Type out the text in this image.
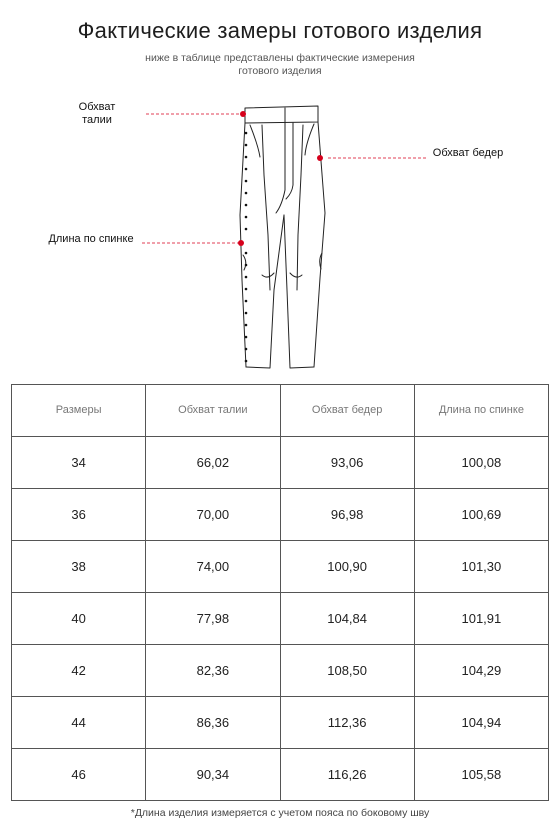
Фактические замеры готового изделия
ниже в таблице представлены фактические измерения готового изделия
Обхват талии
Обхват бедер
Длина по спинке
Размеры	Обхват талии	Обхват бедер	Длина по спинке
34	66,02	93,06	100,08
36	70,00	96,98	100,69
38	74,00	100,90	101,30
40	77,98	104,84	101,91
42	82,36	108,50	104,29
44	86,36	112,36	104,94
46	90,34	116,26	105,58
*Длина изделия измеряется с учетом пояса по боковому шву
